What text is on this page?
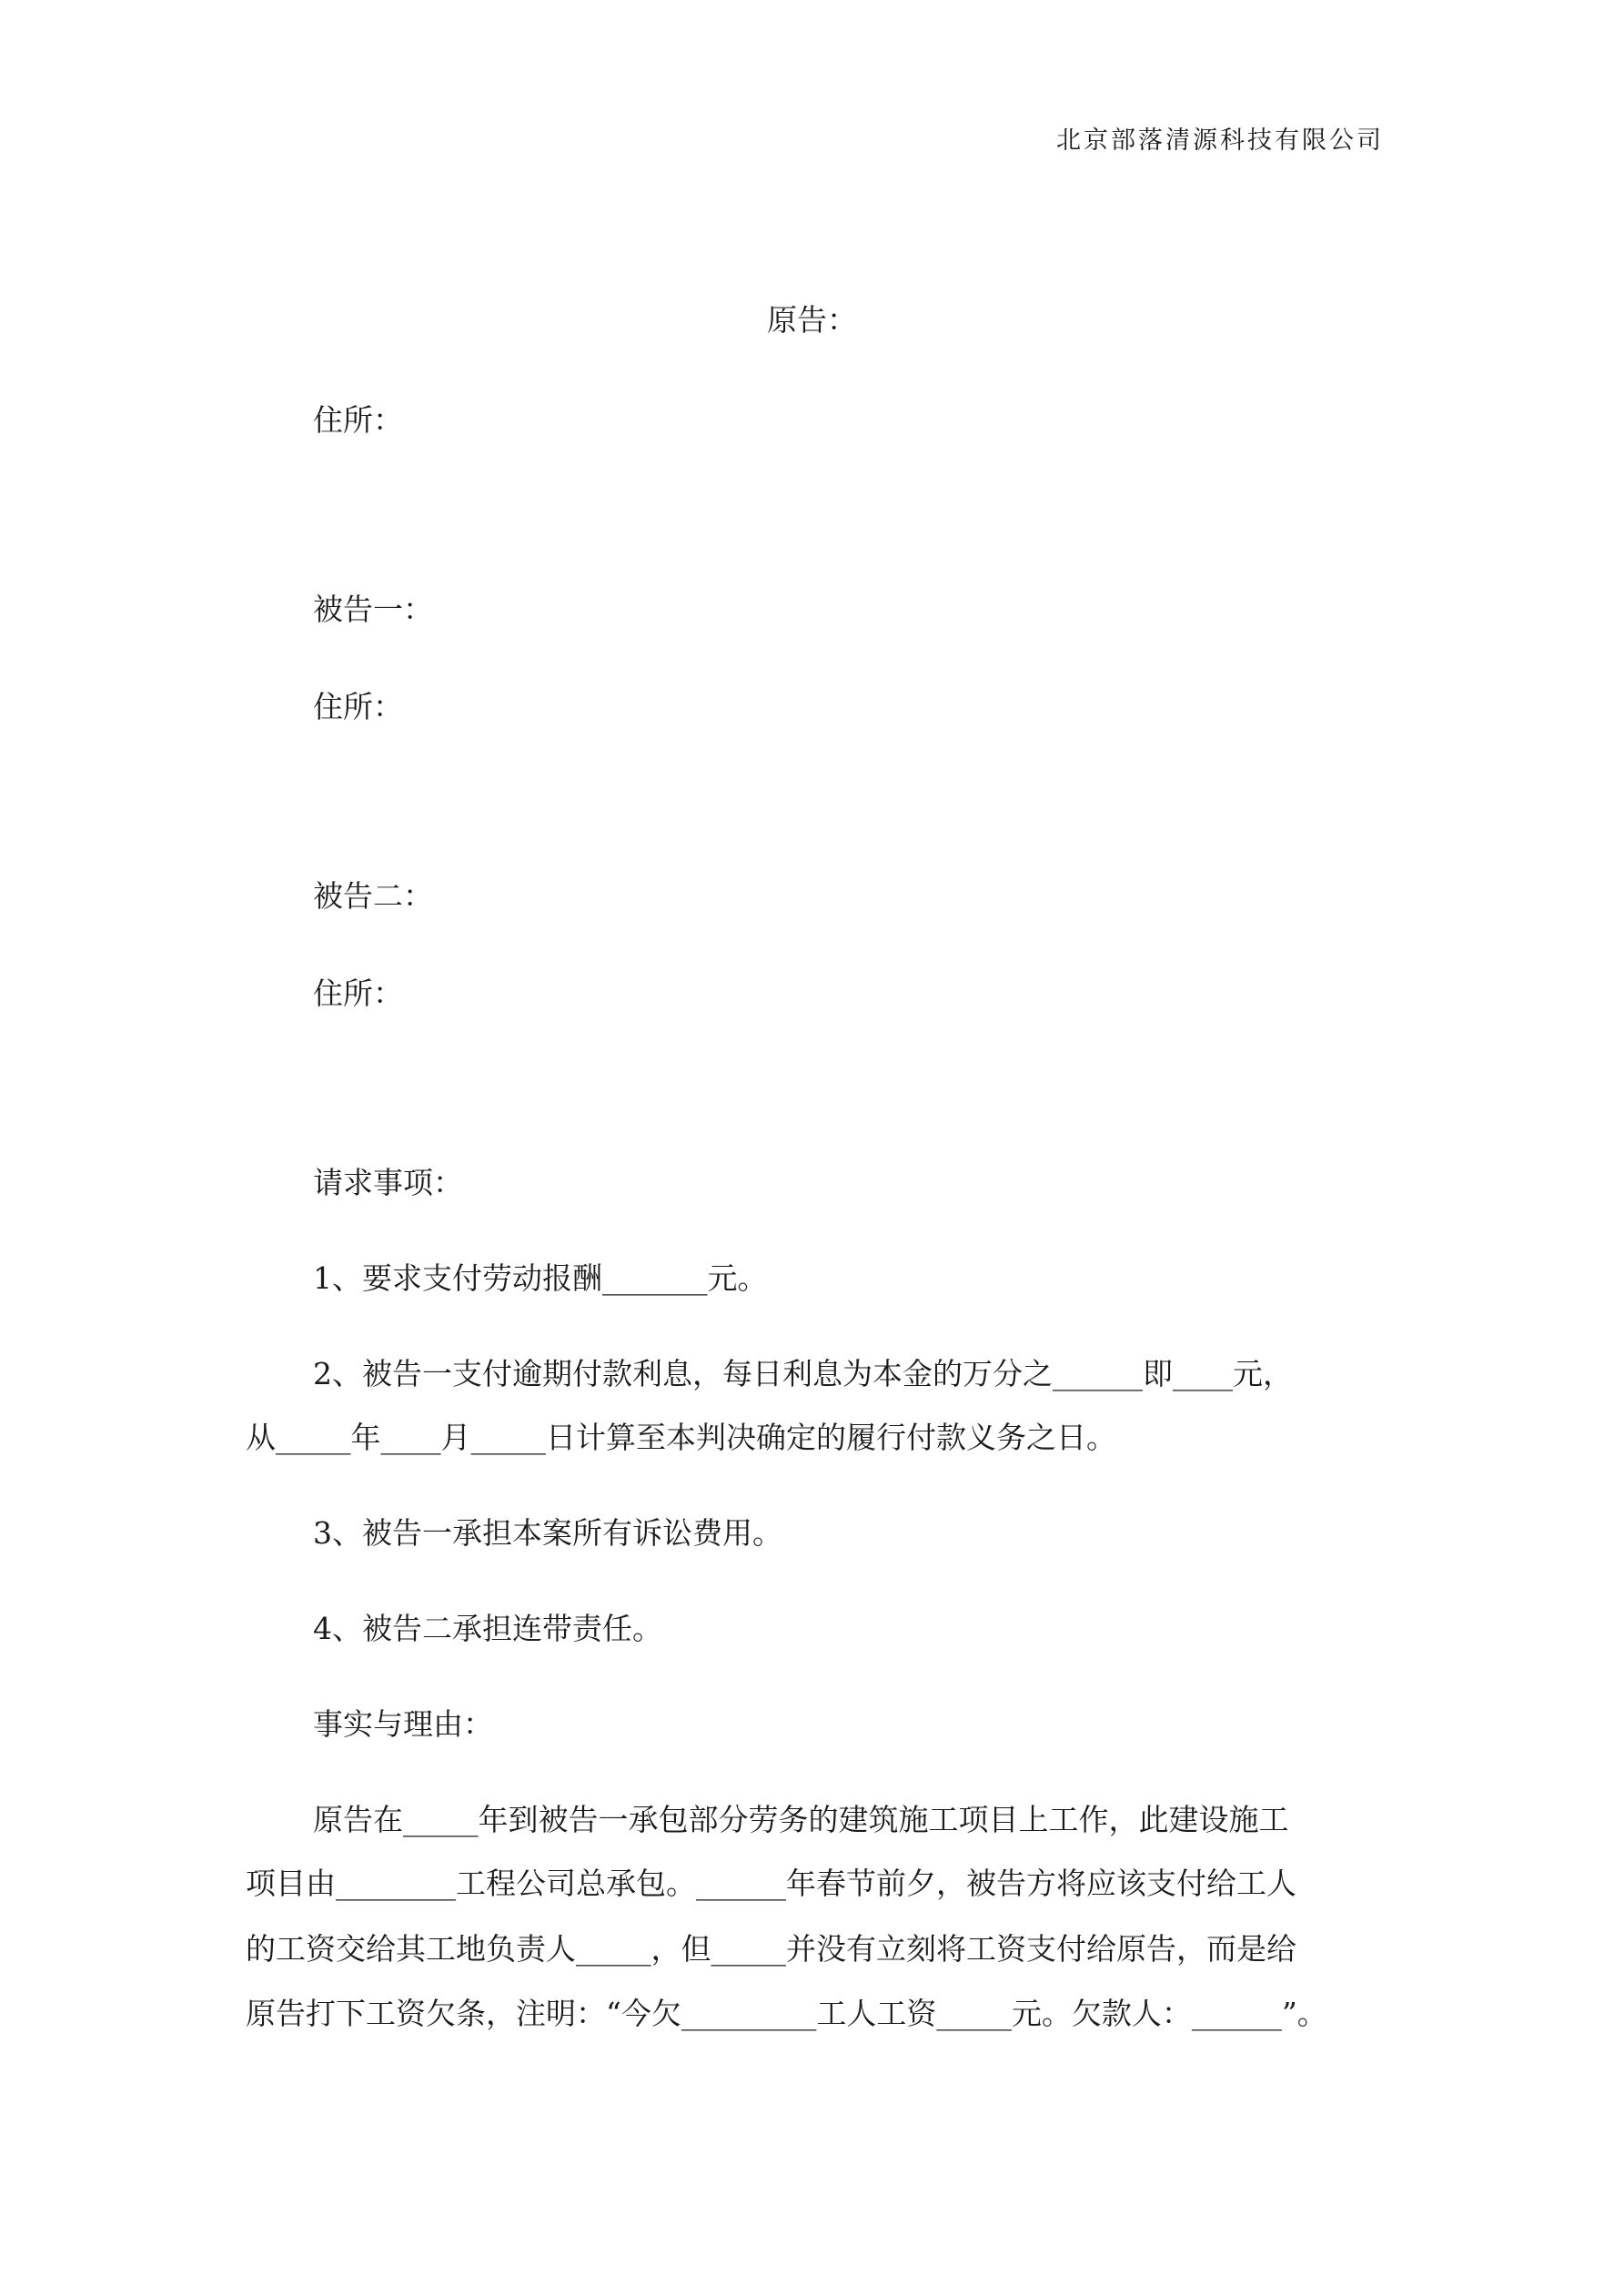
北京部落清源科技有限公司
原告：
住所：
被告一：
住所：
被告二：
住所：
请求事项：
1、要求支付劳动报酬_______元。
2、被告一支付逾期付款利息，每日利息为本金的万分之______即____元，
从_____年____月_____日计算至本判决确定的履行付款义务之日。
3、被告一承担本案所有诉讼费用。
4、被告二承担连带责任。
事实与理由：
原告在_____年到被告一承包部分劳务的建筑施工项目上工作，此建设施工
项目由________工程公司总承包。______年春节前夕，被告方将应该支付给工人
的工资交给其工地负责人_____，但_____并没有立刻将工资支付给原告，而是给
原告打下工资欠条，注明：“今欠_________工人工资_____元。欠款人：______”。
